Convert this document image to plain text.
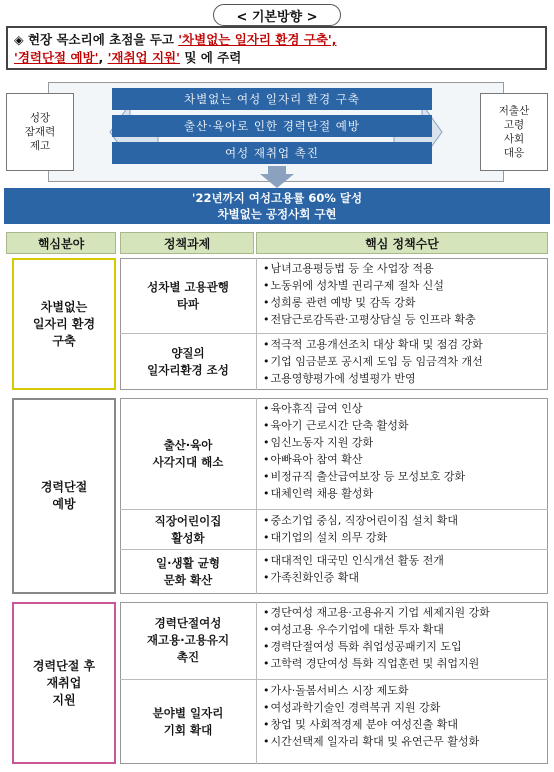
< 기본방향 >
◈ 현장 목소리에 초점을 두고 '차별없는 일자리 환경 구축',
'경력단절 예방', '재취업 지원' 및 에 주력
성장
잠재력
제고
저출산
고령
사회
대응
차별없는 여성 일자리 환경 구축
출산·육아로 인한 경력단절 예방
여성 재취업 촉진
'22년까지 여성고용률 60% 달성
차별없는 공정사회 구현
핵심분야	정책과제	핵심 정책수단
차별없는
일자리 환경
구축
성차별 고용관행
타파
• 남녀고용평등법 등 全 사업장 적용
• 노동위에 성차별 권리구제 절차 신설
• 성희롱 관련 예방 및 감독 강화
• 전담근로감독관·고평상담실 등 인프라 확충
양질의
일자리환경 조성
• 적극적 고용개선조치 대상 확대 및 점검 강화
• 기업 임금분포 공시제 도입 등 임금격차 개선
• 고용영향평가에 성별평가 반영
경력단절
예방
출산·육아
사각지대 해소
• 육아휴직 급여 인상
• 육아기 근로시간 단축 활성화
• 임신노동자 지원 강화
• 아빠육아 참여 확산
• 비정규직 출산급여보장 등 모성보호 강화
• 대체인력 채용 활성화
직장어린이집
활성화
• 중소기업 중심, 직장어린이집 설치 확대
• 대기업의 설치 의무 강화
일·생활 균형
문화 확산
• 대대적인 대국민 인식개선 활동 전개
• 가족친화인증 확대
경력단절 후
재취업
지원
경력단절여성
재고용·고용유지
촉진
• 경단여성 재고용·고용유지 기업 세제지원 강화
• 여성고용 우수기업에 대한 투자 확대
• 경력단절여성 특화 취업성공패키지 도입
• 고학력 경단여성 특화 직업훈련 및 취업지원
분야별 일자리
기회 확대
• 가사·돌봄서비스 시장 제도화
• 여성과학기술인 경력복귀 지원 강화
• 창업 및 사회적경제 분야 여성진출 확대
• 시간선택제 일자리 확대 및 유연근무 활성화
